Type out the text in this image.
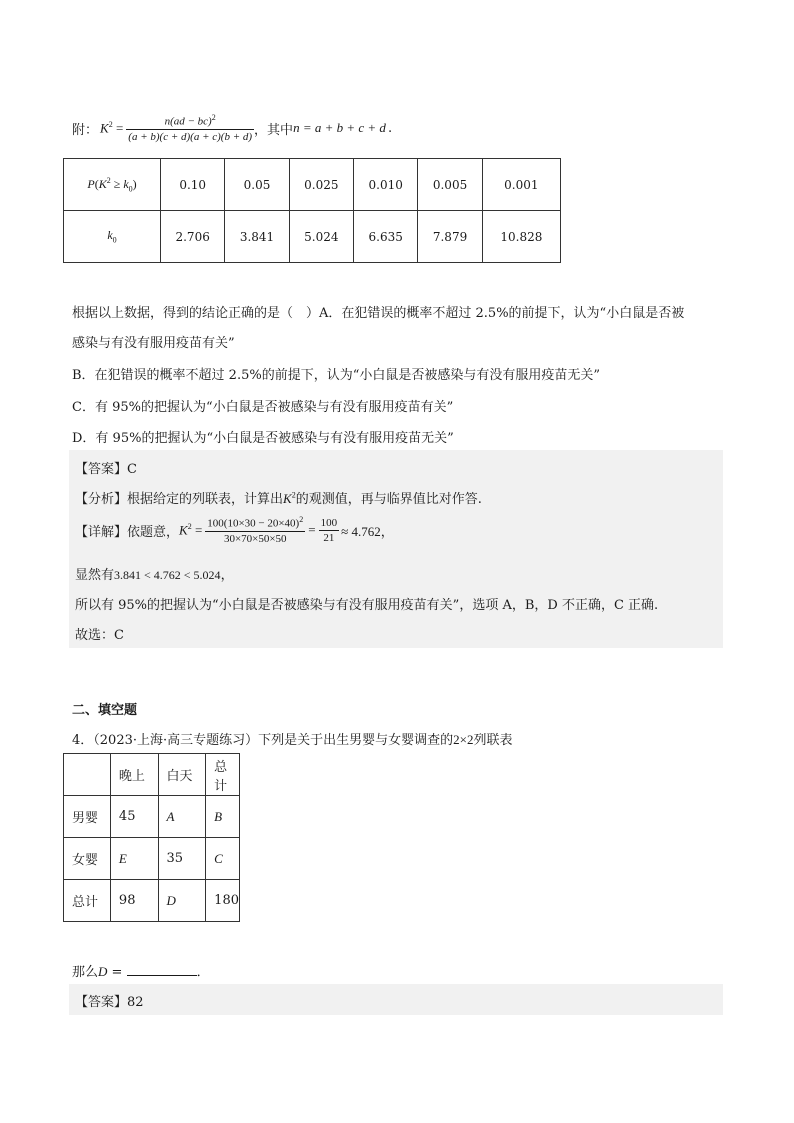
附： $K^2 = \frac{n(ad - bc)^2}{(a + b)(c + d)(a + c)(b + d)}$ ，其中 n = a + b + c + d .
$P(K^2 \ge k_0)$	0.10	0.05	0.025	0.010	0.005	0.001
$k_0$	2.706	3.841	5.024	6.635	7.879	10.828
根据以上数据，得到的结论正确的是（　）A．在犯错误的概率不超过 2.5%的前提下，认为“小白鼠是否被
感染与有没有服用疫苗有关”
B．在犯错误的概率不超过 2.5%的前提下，认为“小白鼠是否被感染与有没有服用疫苗无关”
C．有 95%的把握认为“小白鼠是否被感染与有没有服用疫苗有关”
D．有 95%的把握认为“小白鼠是否被感染与有没有服用疫苗无关”
【答案】C
【分析】根据给定的列联表，计算出$K^2$的观测值，再与临界值比对作答.
【详解】依题意， $K^2 = \frac{100(10\times 30 - 20\times 40)^2}{30\times 70\times 50\times 50} = \frac{100}{21} \approx 4.762$，
显然有3.841 < 4.762 < 5.024，
所以有 95%的把握认为“小白鼠是否被感染与有没有服用疫苗有关”，选项 A，B，D 不正确，C 正确.
故选：C
二、填空题
4．（2023·上海·高三专题练习）下列是关于出生男婴与女婴调查的2×2列联表
	晚上	白天	总计
男婴	45	A	B
女婴	E	35	C
总计	98	D	180
那么D =	．
【答案】82
